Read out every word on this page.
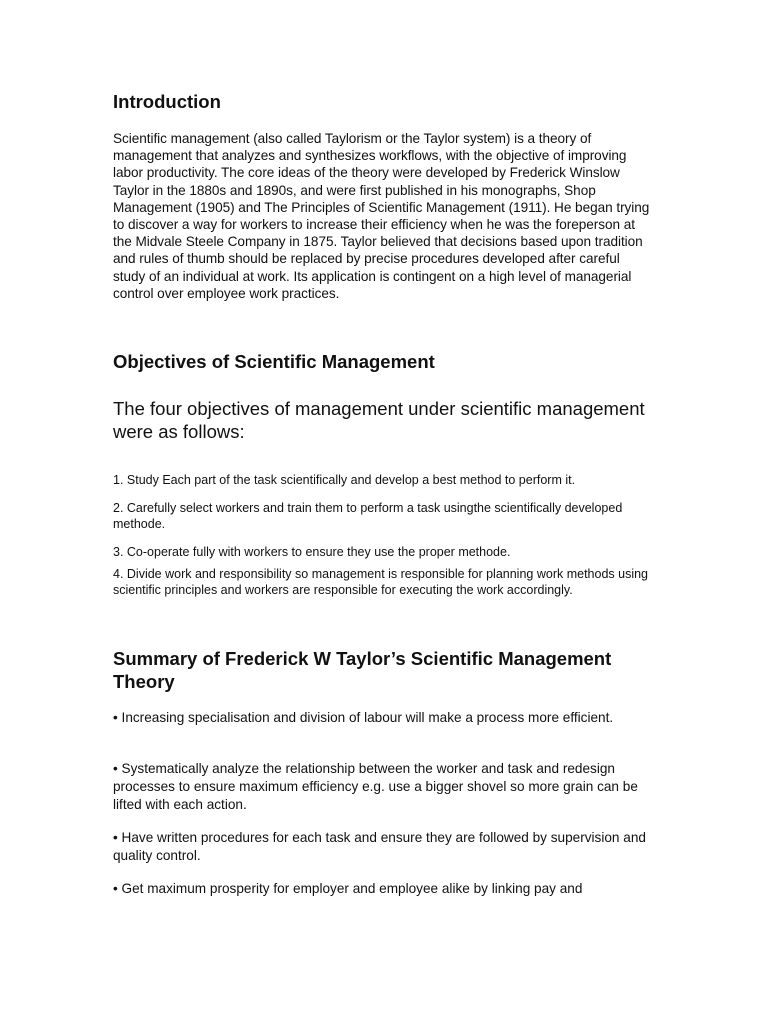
Introduction

Scientific management (also called Taylorism or the Taylor system) is a theory of management that analyzes and synthesizes workflows, with the objective of improving labor productivity. The core ideas of the theory were developed by Frederick Winslow Taylor in the 1880s and 1890s, and were first published in his monographs, Shop Management (1905) and The Principles of Scientific Management (1911). He began trying to discover a way for workers to increase their efficiency when he was the foreperson at the Midvale Steele Company in 1875. Taylor believed that decisions based upon tradition and rules of thumb should be replaced by precise procedures developed after careful study of an individual at work. Its application is contingent on a high level of managerial control over employee work practices.

Objectives of Scientific Management

The four objectives of management under scientific management were as follows:

1. Study Each part of the task scientifically and develop a best method to perform it.

2. Carefully select workers and train them to perform a task usingthe scientifically developed methode.

3. Co-operate fully with workers to ensure they use the proper methode.

4. Divide work and responsibility so management is responsible for planning work methods using scientific principles and workers are responsible for executing the work accordingly.

Summary of Frederick W Taylor’s Scientific Management Theory

• Increasing specialisation and division of labour will make a process more efficient.

• Systematically analyze the relationship between the worker and task and redesign processes to ensure maximum efficiency e.g. use a bigger shovel so more grain can be lifted with each action.

• Have written procedures for each task and ensure they are followed by supervision and quality control.

• Get maximum prosperity for employer and employee alike by linking pay and
